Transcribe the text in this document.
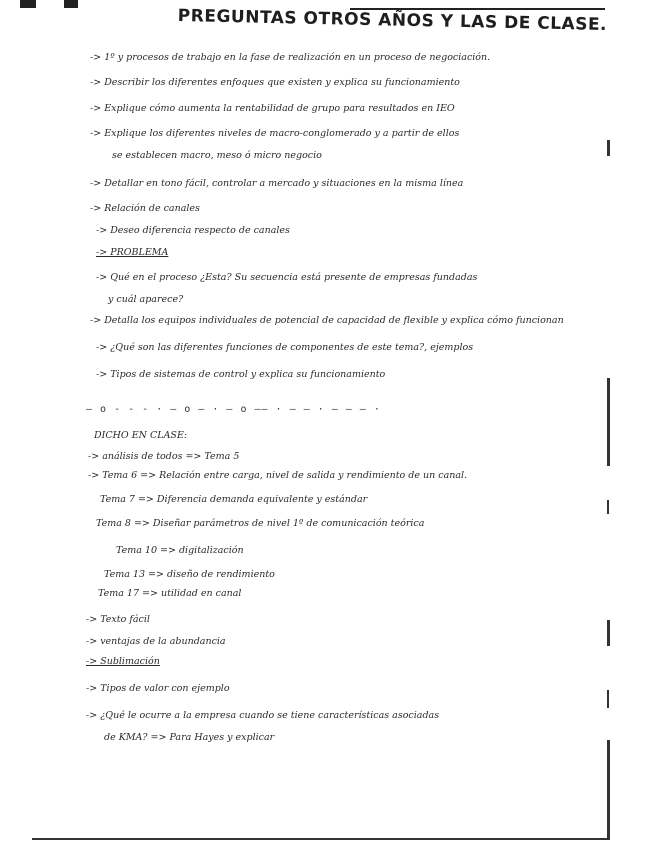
PREGUNTAS OTROS AÑOS Y LAS DE CLASE.
-> 1º y procesos de trabajo en la fase de realización en un proceso de negociación.
-> Describir los diferentes enfoques que existen y explica su funcionamiento
-> Explique cómo aumenta la rentabilidad de grupo para resultados en IEO
-> Explique los diferentes niveles de macro-conglomerado y a partir de ellos
se establecen macro, meso ó micro negocio
-> Detallar en tono fácil, controlar a mercado y situaciones en la misma línea
-> Relación de canales
-> Deseo diferencia respecto de canales
-> PROBLEMA
-> Qué en el proceso ¿Esta? Su secuencia está presente de empresas fundadas
y cuál aparece?
-> Detalla los equipos individuales de potencial de capacidad de flexible y explica cómo funcionan
-> ¿Qué son las diferentes funciones de componentes de este tema?, ejemplos
-> Tipos de sistemas de control y explica su funcionamiento
— o - - - · — o — · — o —— · — — · — — — ·
DICHO EN CLASE:
-> análisis de todos => Tema 5
-> Tema 6 => Relación entre carga, nivel de salida y rendimiento de un canal.
Tema 7 => Diferencia demanda equivalente y estándar
Tema 8 => Diseñar parámetros de nivel 1º de comunicación teórica
Tema 10 => digitalización
Tema 13 => diseño de rendimiento
Tema 17 => utilidad en canal
-> Texto fácil
-> ventajas de la abundancia
-> Sublimación
-> Tipos de valor con ejemplo
-> ¿Qué le ocurre a la empresa cuando se tiene características asociadas
de KMA? => Para Hayes y explicar
